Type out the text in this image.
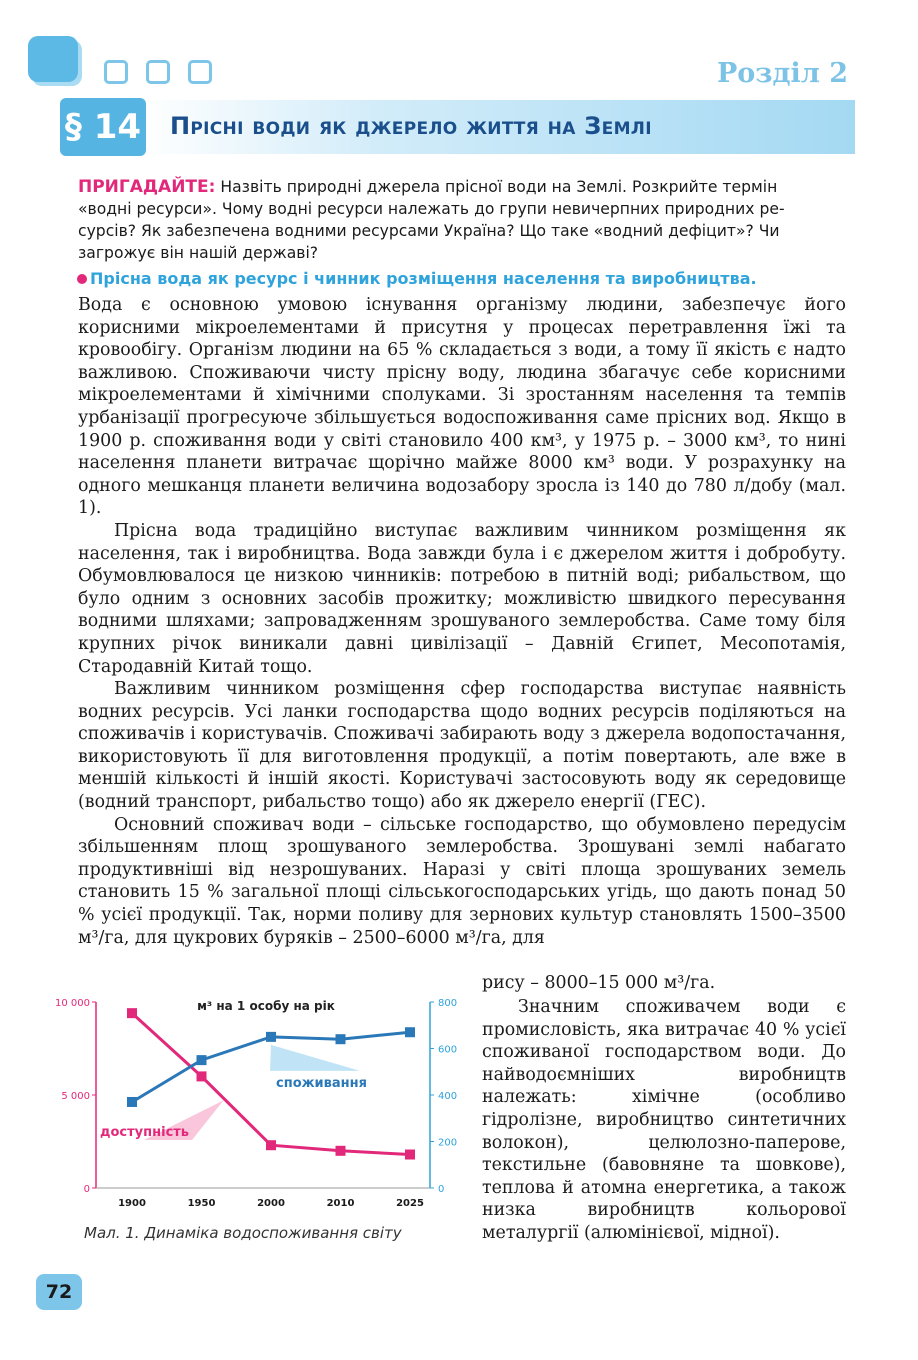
Розділ 2
§ 14 Прісні води як джерело життя на Землі

ПРИГАДАЙТЕ: Назвіть природні джерела прісної води на Землі. Розкрийте термін

«водні ресурси». Чому водні ресурси належать до групи невичерпних природних ре-

сурсів? Як забезпечена водними ресурсами Україна? Що таке «водний дефіцит»? Чи

загрожує він нашій державі?

Прісна вода як ресурс і чинник розміщення населення та виробництва.

Вода є основною умовою існування організму людини, забезпечує його корисними мікроелементами й присутня у процесах перетравлення їжі та кровообігу. Організм людини на 65 % складається з води, а тому її якість є надто важливою. Споживаючи чисту прісну воду, людина збагачує себе корисними мікроелементами й хімічними сполуками. Зі зростанням населення та темпів урбанізації прогресуюче збільшується водоспоживання саме прісних вод. Якщо в 1900 р. споживання води у світі становило 400 км³, у 1975 р. – 3000 км³, то нині населення планети витрачає щорічно майже 8000 км³ води. У розрахунку на одного мешканця планети величина водозабору зросла із 140 до 780 л/добу (мал. 1).

Прісна вода традиційно виступає важливим чинником розміщення як населення, так і виробництва. Вода завжди була і є джерелом життя і добробуту. Обумовлювалося це низкою чинників: потребою в питній воді; рибальством, що було одним з основних засобів прожитку; можливістю швидкого пересування водними шляхами; запровадженням зрошуваного землеробства. Саме тому біля крупних річок виникали давні цивілізації – Давній Єгипет, Месопотамія, Стародавній Китай тощо.

Важливим чинником розміщення сфер господарства виступає наявність водних ресурсів. Усі ланки господарства щодо водних ресурсів поділяються на споживачів і користувачів. Споживачі забирають воду з джерела водопостачання, використовують її для виготовлення продукції, а потім повертають, але вже в меншій кількості й іншій якості. Користувачі застосовують воду як середовище (водний транспорт, рибальство тощо) або як джерело енергії (ГЕС).

Основний споживач води – сільське господарство, що обумовлено передусім збільшенням площ зрошуваного землеробства. Зрошувані землі набагато продуктивніші від незрошуваних. Наразі у світі площа зрошуваних земель становить 15 % загальної площі сільськогосподарських угідь, що дають понад 50 % усієї продукції. Так, норми поливу для зернових культур становлять 1500–3500 м³/га, для цукрових буряків – 2500–6000 м³/га, для

рису – 8000–15 000 м³/га.
Значним споживачем води є промисловість, яка витрачає 40 % усієї споживаної господарством води. До найводоємніших виробництв належать: хімічне (особливо гідролізне, виробництво синтетичних волокон), целюлозно-паперове, текстильне (бавовняне та шовкове), теплова й атомна енергетика, а також низка виробництв кольорової металургії (алюмінієвої, мідної).
10 000
5 000
0
800
600
400
200
0
1900	1950	2000	2010	2025
м³ на 1 особу на рік
доступність
споживання
Мал. 1. Динаміка водоспоживання світу
72
